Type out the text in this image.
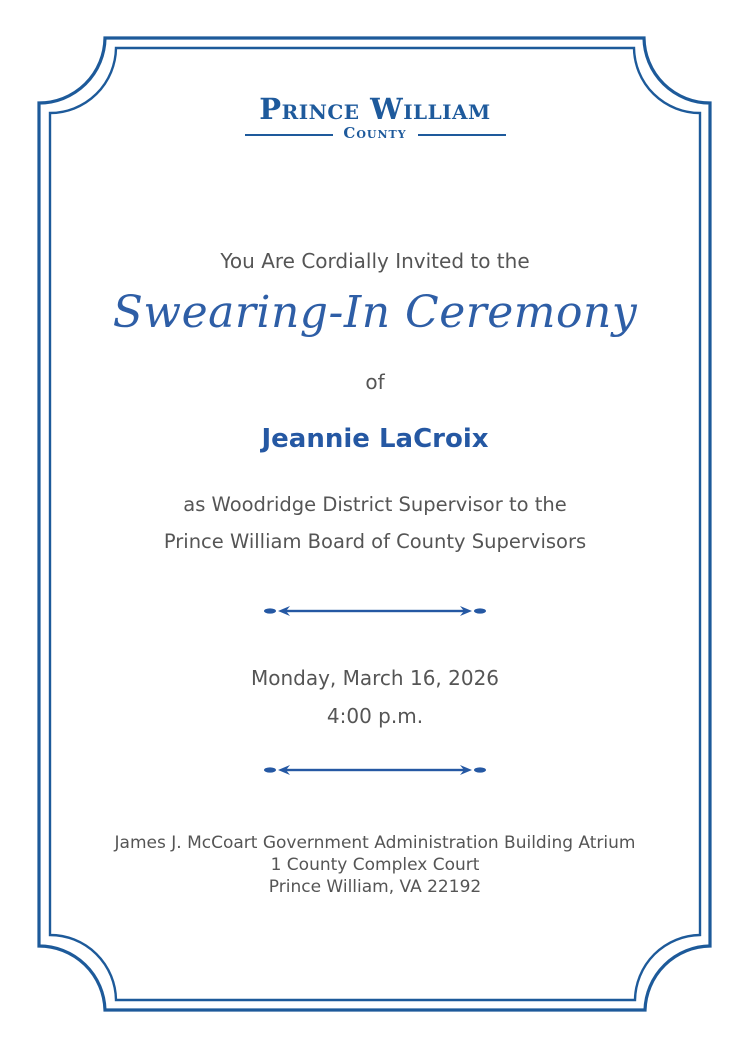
Prince William
County
You Are Cordially Invited to the
Swearing-In Ceremony
of
Jeannie LaCroix
as Woodridge District Supervisor to the
Prince William Board of County Supervisors
Monday, March 16, 2026
4:00 p.m.
James J. McCoart Government Administration Building Atrium
1 County Complex Court
Prince William, VA 22192
